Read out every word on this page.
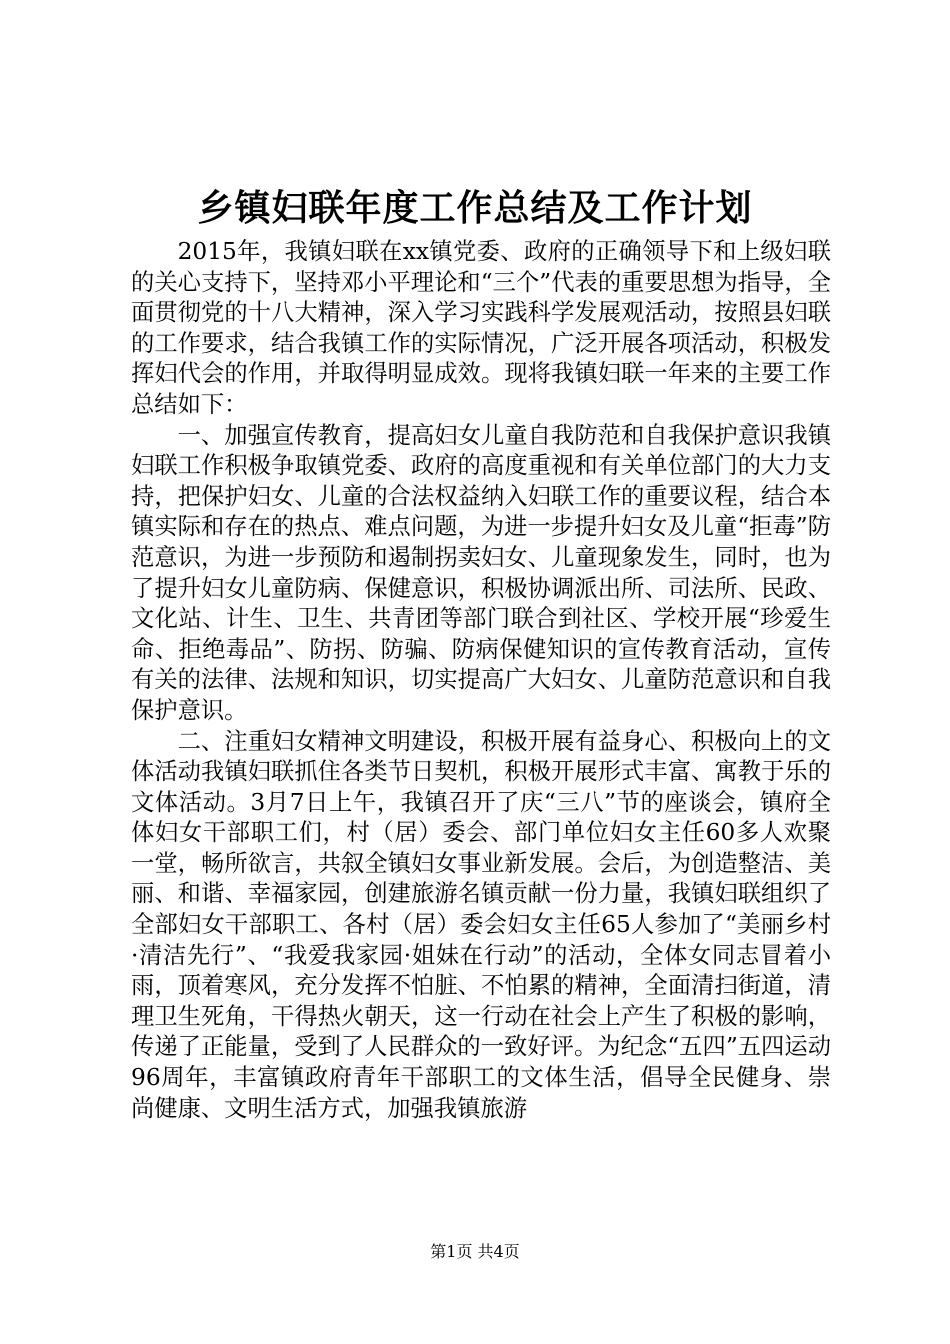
乡镇妇联年度工作总结及工作计划

2015年，我镇妇联在xx镇党委、政府的正确领导下和上级妇联的关心支持下，坚持邓小平理论和“三个”代表的重要思想为指导，全面贯彻党的十八大精神，深入学习实践科学发展观活动，按照县妇联的工作要求，结合我镇工作的实际情况，广泛开展各项活动，积极发挥妇代会的作用，并取得明显成效。现将我镇妇联一年来的主要工作总结如下：

一、加强宣传教育，提高妇女儿童自我防范和自我保护意识我镇妇联工作积极争取镇党委、政府的高度重视和有关单位部门的大力支持，把保护妇女、儿童的合法权益纳入妇联工作的重要议程，结合本镇实际和存在的热点、难点问题，为进一步提升妇女及儿童“拒毒”防范意识，为进一步预防和遏制拐卖妇女、儿童现象发生，同时，也为了提升妇女儿童防病、保健意识，积极协调派出所、司法所、民政、文化站、计生、卫生、共青团等部门联合到社区、学校开展“珍爱生命、拒绝毒品”、防拐、防骗、防病保健知识的宣传教育活动，宣传有关的法律、法规和知识，切实提高广大妇女、儿童防范意识和自我保护意识。

二、注重妇女精神文明建设，积极开展有益身心、积极向上的文体活动我镇妇联抓住各类节日契机，积极开展形式丰富、寓教于乐的文体活动。3月7日上午，我镇召开了庆“三八”节的座谈会，镇府全体妇女干部职工们，村（居）委会、部门单位妇女主任60多人欢聚一堂，畅所欲言，共叙全镇妇女事业新发展。会后，为创造整洁、美丽、和谐、幸福家园，创建旅游名镇贡献一份力量，我镇妇联组织了全部妇女干部职工、各村（居）委会妇女主任65人参加了“美丽乡村·清洁先行”、“我爱我家园·姐妹在行动”的活动，全体女同志冒着小雨，顶着寒风，充分发挥不怕脏、不怕累的精神，全面清扫街道，清理卫生死角，干得热火朝天，这一行动在社会上产生了积极的影响，传递了正能量，受到了人民群众的一致好评。为纪念“五四”五四运动96周年，丰富镇政府青年干部职工的文体生活，倡导全民健身、崇尚健康、文明生活方式，加强我镇旅游

第1页 共4页
